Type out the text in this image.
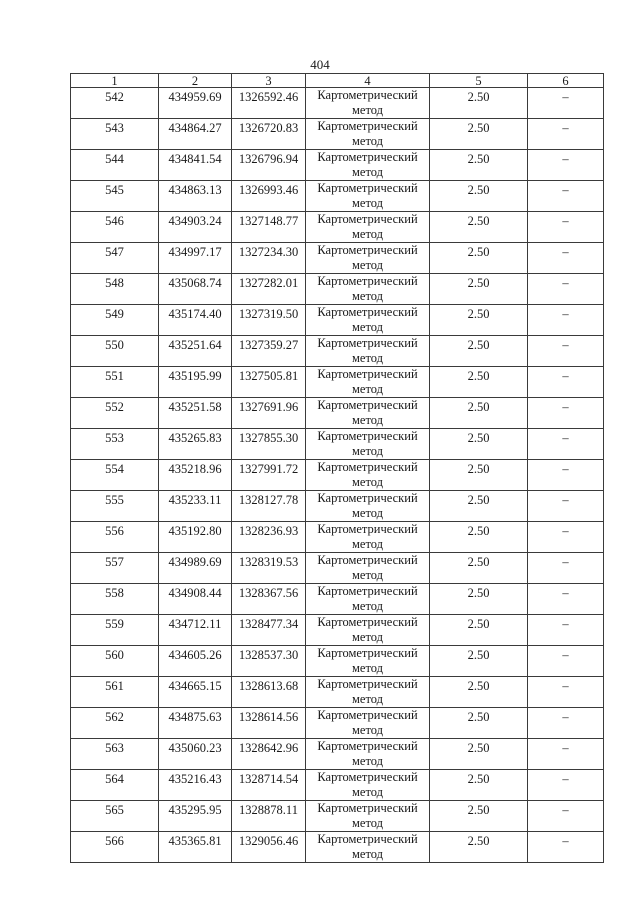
404
1	2	3	4	5	6

542	434959.69	1326592.46	Картометрический метод	2.50	–

543	434864.27	1326720.83	Картометрический метод	2.50	–

544	434841.54	1326796.94	Картометрический метод	2.50	–

545	434863.13	1326993.46	Картометрический метод	2.50	–

546	434903.24	1327148.77	Картометрический метод	2.50	–

547	434997.17	1327234.30	Картометрический метод	2.50	–

548	435068.74	1327282.01	Картометрический метод	2.50	–

549	435174.40	1327319.50	Картометрический метод	2.50	–

550	435251.64	1327359.27	Картометрический метод	2.50	–

551	435195.99	1327505.81	Картометрический метод	2.50	–

552	435251.58	1327691.96	Картометрический метод	2.50	–

553	435265.83	1327855.30	Картометрический метод	2.50	–

554	435218.96	1327991.72	Картометрический метод	2.50	–

555	435233.11	1328127.78	Картометрический метод	2.50	–

556	435192.80	1328236.93	Картометрический метод	2.50	–

557	434989.69	1328319.53	Картометрический метод	2.50	–

558	434908.44	1328367.56	Картометрический метод	2.50	–

559	434712.11	1328477.34	Картометрический метод	2.50	–

560	434605.26	1328537.30	Картометрический метод	2.50	–

561	434665.15	1328613.68	Картометрический метод	2.50	–

562	434875.63	1328614.56	Картометрический метод	2.50	–

563	435060.23	1328642.96	Картометрический метод	2.50	–

564	435216.43	1328714.54	Картометрический метод	2.50	–

565	435295.95	1328878.11	Картометрический метод	2.50	–

566	435365.81	1329056.46	Картометрический метод	2.50	–
